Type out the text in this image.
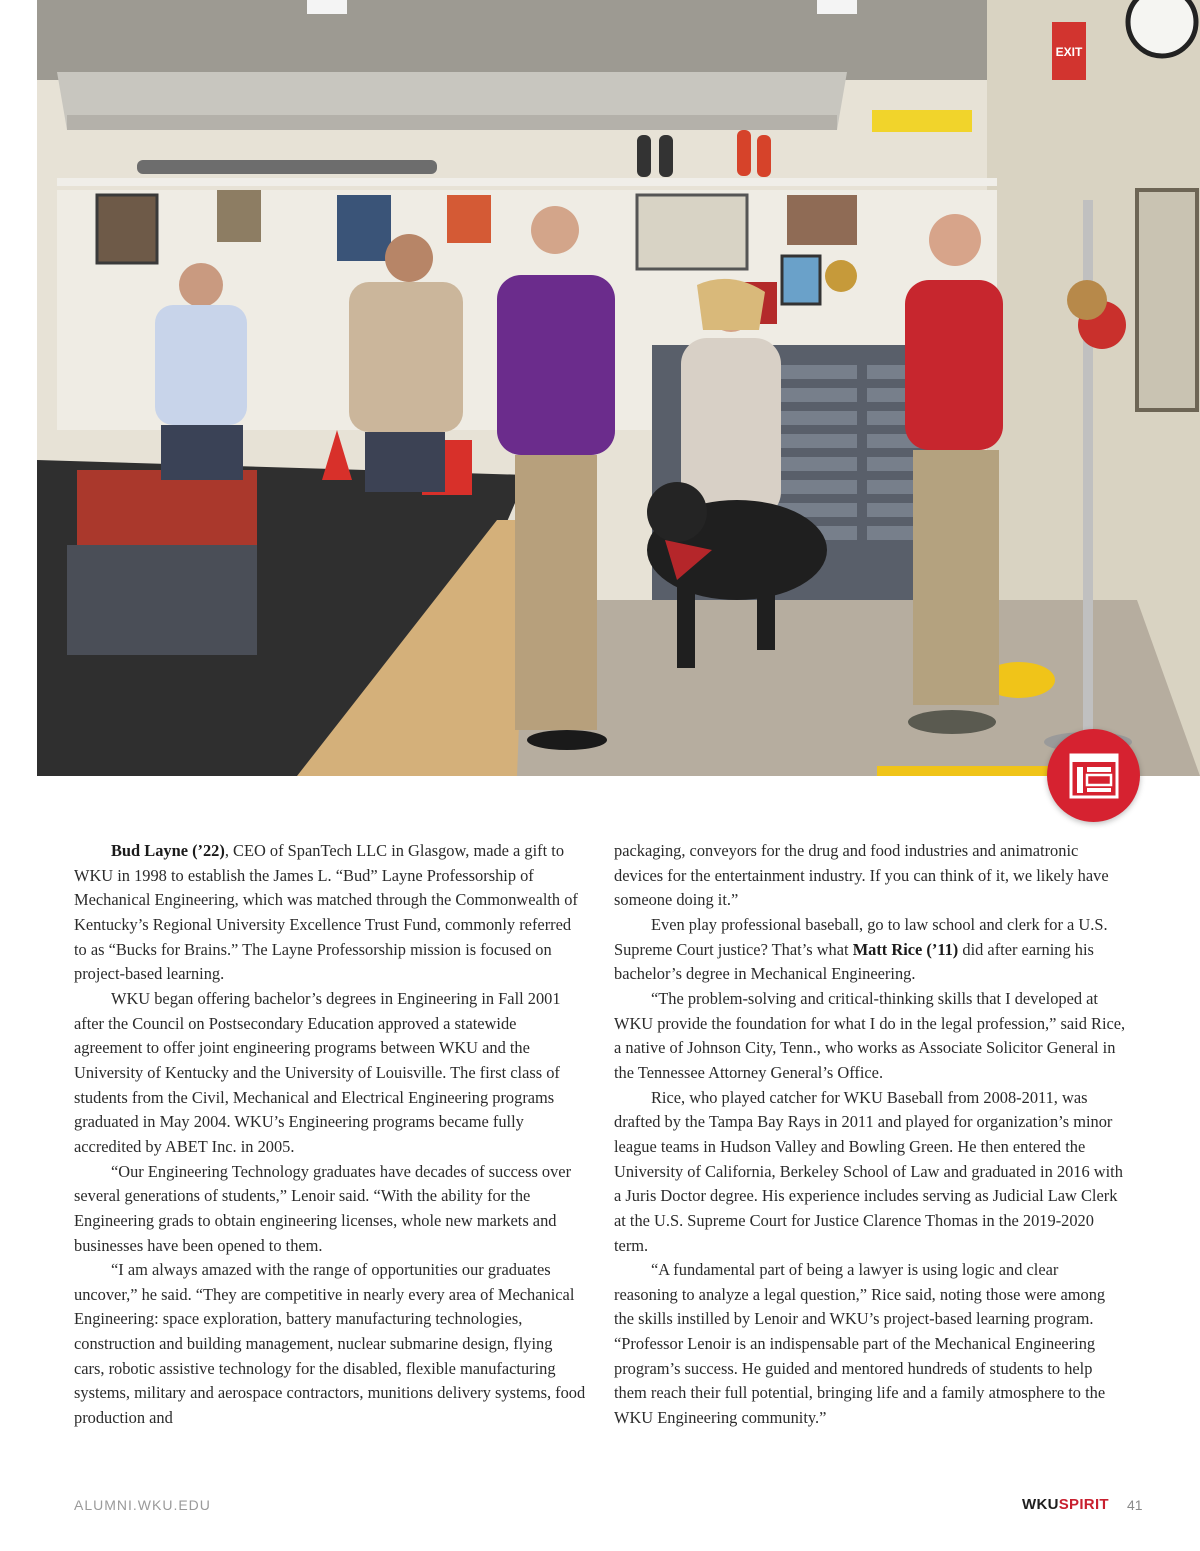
EXIT

Bud Layne (’22), CEO of SpanTech LLC in Glasgow, made a gift to WKU in 1998 to establish the James L. “Bud” Layne Professorship of Mechanical Engineering, which was matched through the Commonwealth of Kentucky’s Regional University Excellence Trust Fund, commonly referred to as “Bucks for Brains.” The Layne Professorship mission is focused on project-based learning.

WKU began offering bachelor’s degrees in Engineering in Fall 2001 after the Council on Postsecondary Education approved a statewide agreement to offer joint engineering programs between WKU and the University of Kentucky and the University of Louisville. The first class of students from the Civil, Mechanical and Electrical Engineering programs graduated in May 2004. WKU’s Engineering programs became fully accredited by ABET Inc. in 2005.

“Our Engineering Technology graduates have decades of success over several generations of students,” Lenoir said. “With the ability for the Engineering grads to obtain engineering licenses, whole new markets and businesses have been opened to them.

“I am always amazed with the range of opportunities our graduates uncover,” he said. “They are competitive in nearly every area of Mechanical Engineering: space exploration, battery manufacturing technologies, construction and building management, nuclear submarine design, flying cars, robotic assistive technology for the disabled, flexible manufacturing systems, military and aerospace contractors, munitions delivery systems, food production and

packaging, conveyors for the drug and food industries and animatronic devices for the entertainment industry. If you can think of it, we likely have someone doing it.”

Even play professional baseball, go to law school and clerk for a U.S. Supreme Court justice? That’s what Matt Rice (’11) did after earning his bachelor’s degree in Mechanical Engineering.

“The problem-solving and critical-thinking skills that I developed at WKU provide the foundation for what I do in the legal profession,” said Rice, a native of Johnson City, Tenn., who works as Associate Solicitor General in the Tennessee Attorney General’s Office.

Rice, who played catcher for WKU Baseball from 2008-2011, was drafted by the Tampa Bay Rays in 2011 and played for organization’s minor league teams in Hudson Valley and Bowling Green. He then entered the University of California, Berkeley School of Law and graduated in 2016 with a Juris Doctor degree. His experience includes serving as Judicial Law Clerk at the U.S. Supreme Court for Justice Clarence Thomas in the 2019-2020 term.

“A fundamental part of being a lawyer is using logic and clear reasoning to analyze a legal question,” Rice said, noting those were among the skills instilled by Lenoir and WKU’s project-based learning program. “Professor Lenoir is an indispensable part of the Mechanical Engineering program’s success. He guided and mentored hundreds of students to help them reach their full potential, bringing life and a family atmosphere to the WKU Engineering community.”

ALUMNI.WKU.EDU	WKUSPIRIT 41
